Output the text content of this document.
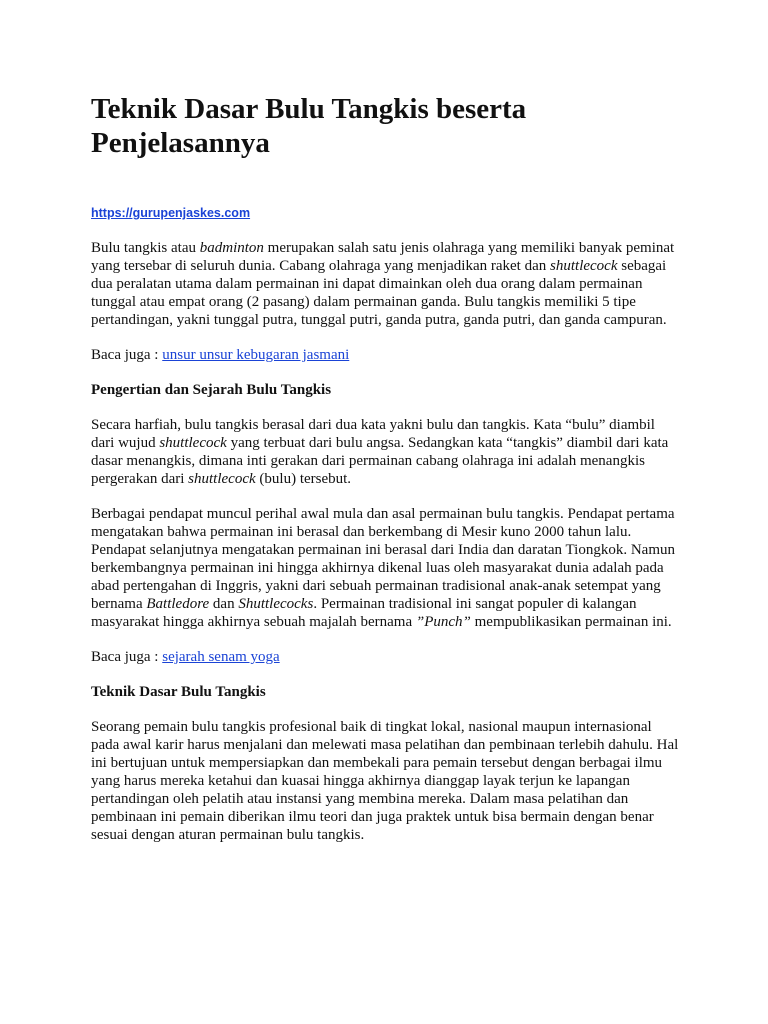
Teknik Dasar Bulu Tangkis beserta Penjelasannya
https://gurupenjaskes.com

Bulu tangkis atau badminton merupakan salah satu jenis olahraga yang memiliki banyak peminat yang tersebar di seluruh dunia. Cabang olahraga yang menjadikan raket dan shuttlecock sebagai dua peralatan utama dalam permainan ini dapat dimainkan oleh dua orang dalam permainan tunggal atau empat orang (2 pasang) dalam permainan ganda. Bulu tangkis memiliki 5 tipe pertandingan, yakni tunggal putra, tunggal putri, ganda putra, ganda putri, dan ganda campuran.

Baca juga : unsur unsur kebugaran jasmani

Pengertian dan Sejarah Bulu Tangkis

Secara harfiah, bulu tangkis berasal dari dua kata yakni bulu dan tangkis. Kata “bulu” diambil dari wujud shuttlecock yang terbuat dari bulu angsa. Sedangkan kata “tangkis” diambil dari kata dasar menangkis, dimana inti gerakan dari permainan cabang olahraga ini adalah menangkis pergerakan dari shuttlecock (bulu) tersebut.

Berbagai pendapat muncul perihal awal mula dan asal permainan bulu tangkis. Pendapat pertama mengatakan bahwa permainan ini berasal dan berkembang di Mesir kuno 2000 tahun lalu. Pendapat selanjutnya mengatakan permainan ini berasal dari India dan daratan Tiongkok. Namun berkembangnya permainan ini hingga akhirnya dikenal luas oleh masyarakat dunia adalah pada abad pertengahan di Inggris, yakni dari sebuah permainan tradisional anak-anak setempat yang bernama Battledore dan Shuttlecocks. Permainan tradisional ini sangat populer di kalangan masyarakat hingga akhirnya sebuah majalah bernama ”Punch” mempublikasikan permainan ini.

Baca juga : sejarah senam yoga

Teknik Dasar Bulu Tangkis

Seorang pemain bulu tangkis profesional baik di tingkat lokal, nasional maupun internasional pada awal karir harus menjalani dan melewati masa pelatihan dan pembinaan terlebih dahulu. Hal ini bertujuan untuk mempersiapkan dan membekali para pemain tersebut dengan berbagai ilmu yang harus mereka ketahui dan kuasai hingga akhirnya dianggap layak terjun ke lapangan pertandingan oleh pelatih atau instansi yang membina mereka. Dalam masa pelatihan dan pembinaan ini pemain diberikan ilmu teori dan juga praktek untuk bisa bermain dengan benar sesuai dengan aturan permainan bulu tangkis.
